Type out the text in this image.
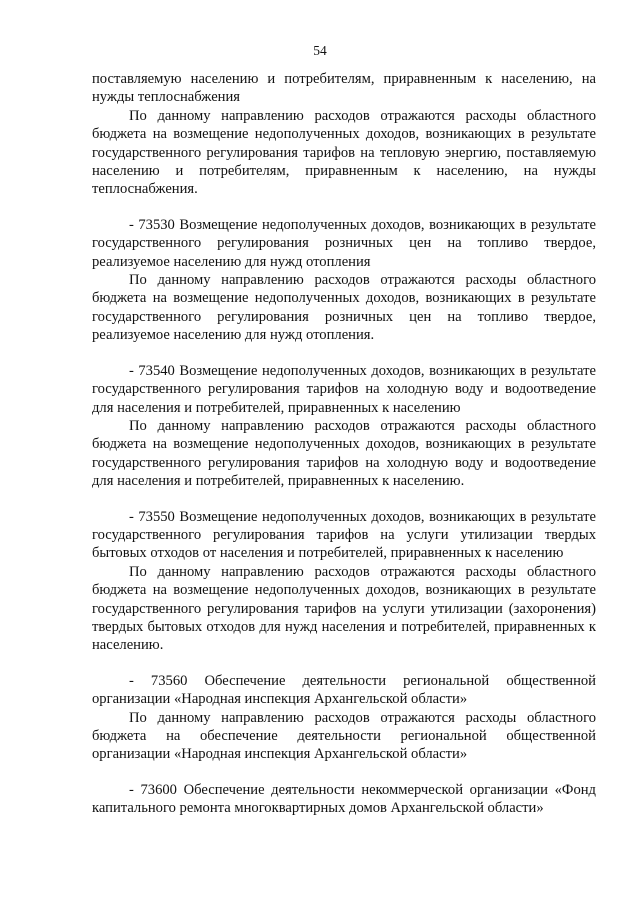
54

поставляемую населению и потребителям, приравненным к населению, на нужды теплоснабжения

По данному направлению расходов отражаются расходы областного бюджета на возмещение недополученных доходов, возникающих в результате государственного регулирования тарифов на тепловую энергию, поставляемую населению и потребителям, приравненным к населению, на нужды теплоснабжения.

- 73530 Возмещение недополученных доходов, возникающих в результате государственного регулирования розничных цен на топливо твердое, реализуемое населению для нужд отопления

По данному направлению расходов отражаются расходы областного бюджета на возмещение недополученных доходов, возникающих в результате государственного регулирования розничных цен на топливо твердое, реализуемое населению для нужд отопления.

- 73540 Возмещение недополученных доходов, возникающих в результате государственного регулирования тарифов на холодную воду и водоотведение для населения и потребителей, приравненных к населению

По данному направлению расходов отражаются расходы областного бюджета на возмещение недополученных доходов, возникающих в результате государственного регулирования тарифов на холодную воду и водоотведение для населения и потребителей, приравненных к населению.

- 73550 Возмещение недополученных доходов, возникающих в результате государственного регулирования тарифов на услуги утилизации твердых бытовых отходов от населения и потребителей, приравненных к населению

По данному направлению расходов отражаются расходы областного бюджета на возмещение недополученных доходов, возникающих в результате государственного регулирования тарифов на услуги утилизации (захоронения) твердых бытовых отходов для нужд населения и потребителей, приравненных к населению.

- 73560 Обеспечение деятельности региональной общественной организации «Народная инспекция Архангельской области»

По данному направлению расходов отражаются расходы областного бюджета на обеспечение деятельности региональной общественной организации «Народная инспекция Архангельской области»

- 73600 Обеспечение деятельности некоммерческой организации «Фонд капитального ремонта многоквартирных домов Архангельской области»
